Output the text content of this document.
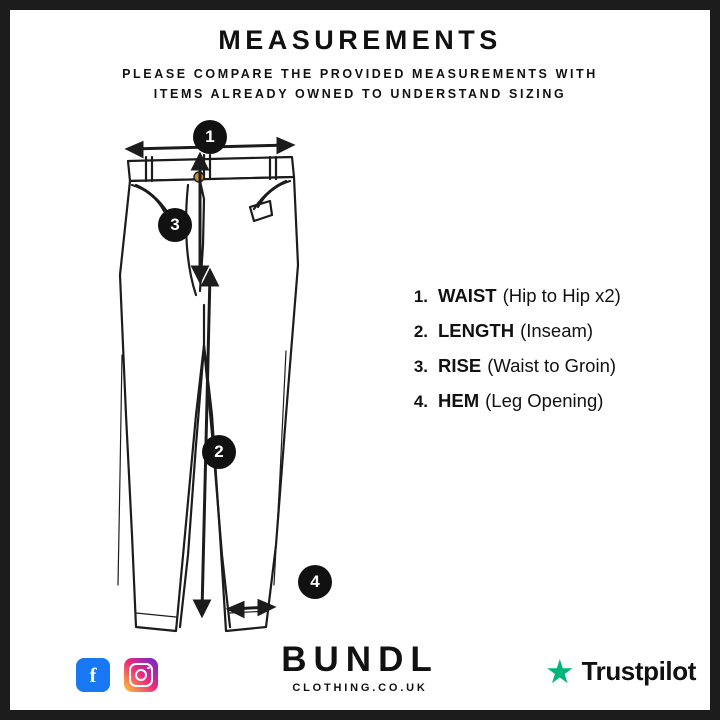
MEASUREMENTS
PLEASE COMPARE THE PROVIDED MEASUREMENTS WITH
ITEMS ALREADY OWNED TO UNDERSTAND SIZING
1
2
3
4
1. WAIST (Hip to Hip x2)
2. LENGTH (Inseam)
3. RISE (Waist to Groin)
4. HEM (Leg Opening)
G	f	BUNDL
CLOTHING.CO.UK	★ Trustpilot
